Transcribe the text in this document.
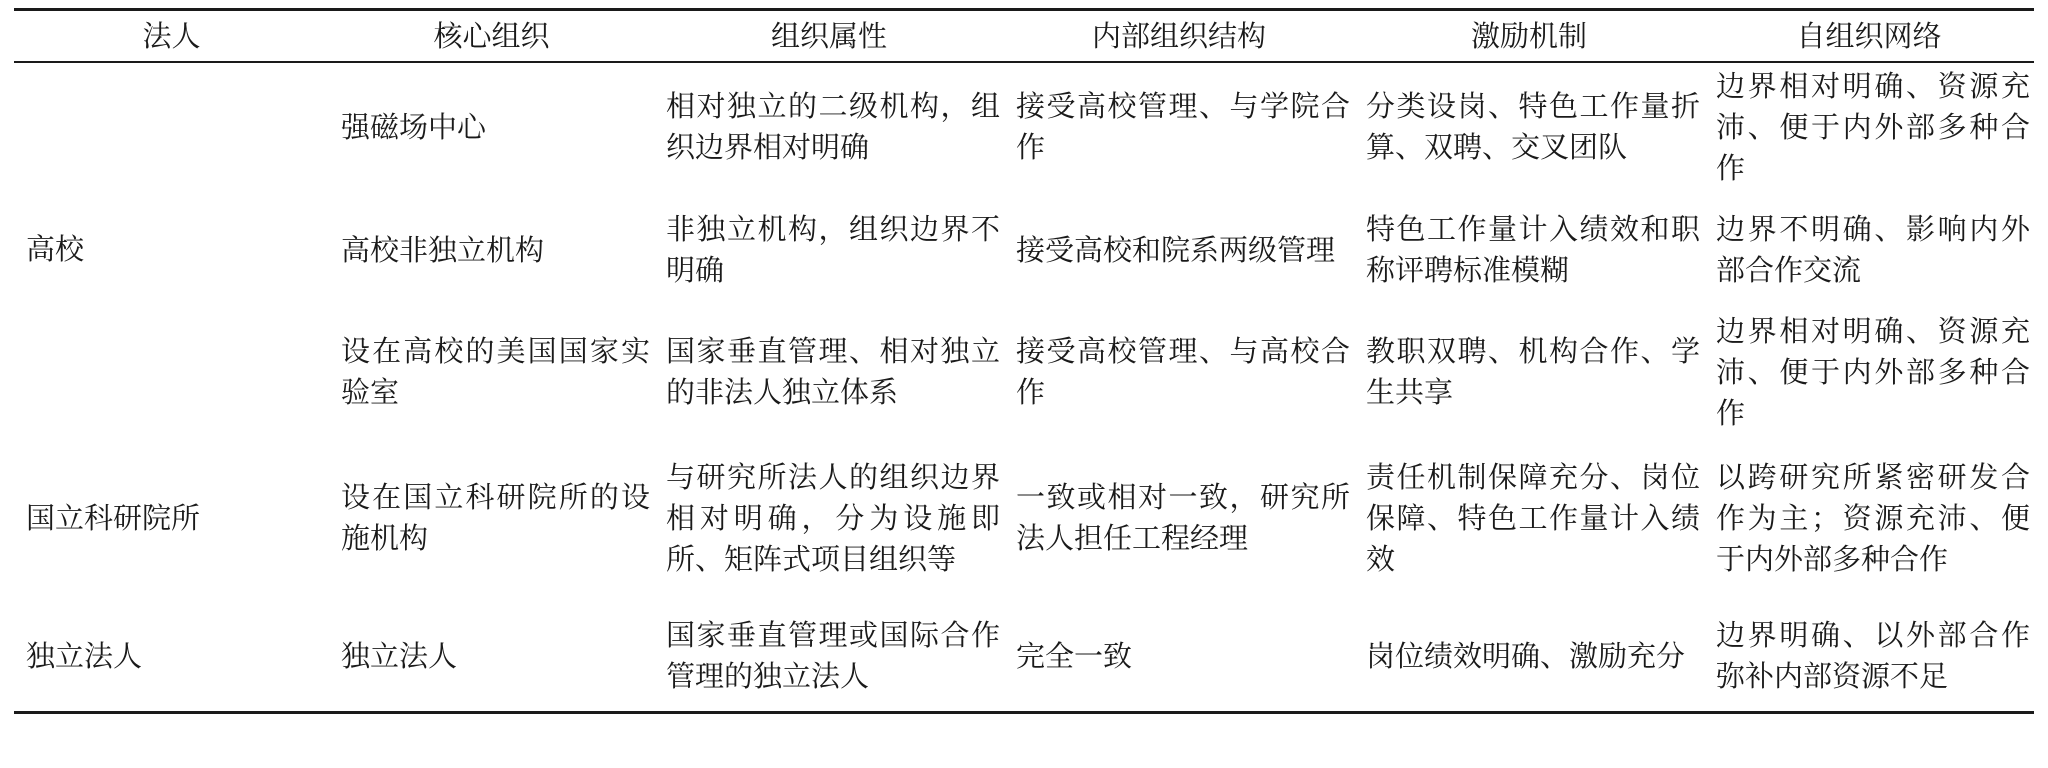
法人	核心组织	组织属性	内部组织结构	激励机制	自组织网络
高校	强磁场中心	相对独立的二级机构，组织边界相对明确	接受高校管理、与学院合作	分类设岗、特色工作量折算、双聘、交叉团队	边界相对明确、资源充沛、便于内外部多种合作
	高校非独立机构	非独立机构，组织边界不明确	接受高校和院系两级管理	特色工作量计入绩效和职称评聘标准模糊	边界不明确、影响内外部合作交流
	设在高校的美国国家实验室	国家垂直管理、相对独立的非法人独立体系	接受高校管理、与高校合作	教职双聘、机构合作、学生共享	边界相对明确、资源充沛、便于内外部多种合作
国立科研院所	设在国立科研院所的设施机构	与研究所法人的组织边界相对明确，分为设施即所、矩阵式项目组织等	一致或相对一致，研究所法人担任工程经理	责任机制保障充分、岗位保障、特色工作量计入绩效	以跨研究所紧密研发合作为主；资源充沛、便于内外部多种合作
独立法人	独立法人	国家垂直管理或国际合作管理的独立法人	完全一致	岗位绩效明确、激励充分	边界明确、以外部合作弥补内部资源不足
